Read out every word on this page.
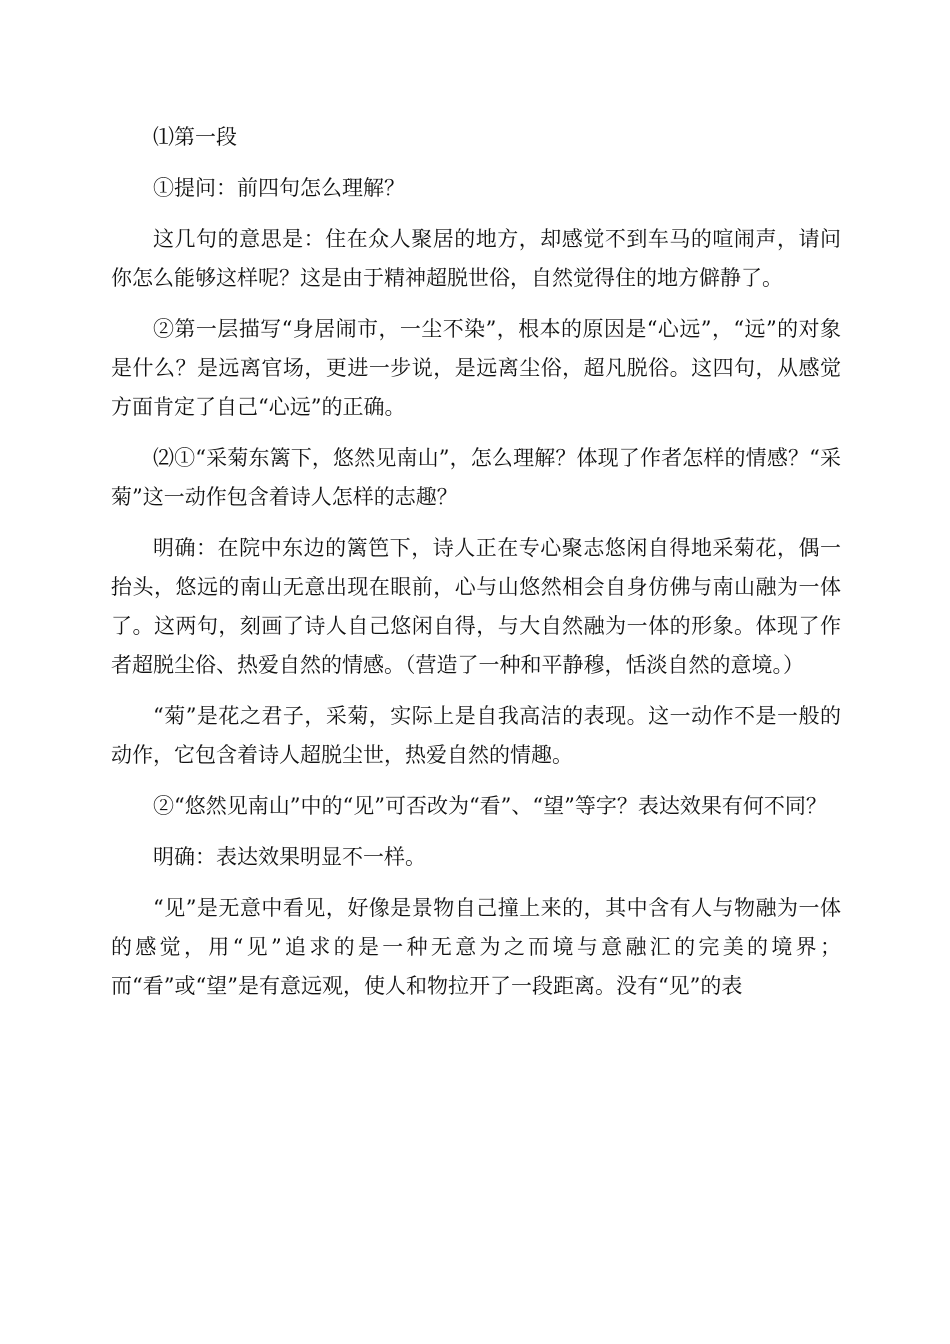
⑴第一段

①提问：前四句怎么理解？

这几句的意思是：住在众人聚居的地方，却感觉不到车马的喧闹声，请问你怎么能够这样呢？这是由于精神超脱世俗，自然觉得住的地方僻静了。

②第一层描写“身居闹市，一尘不染”，根本的原因是“心远”，“远”的对象是什么？是远离官场，更进一步说，是远离尘俗，超凡脱俗。这四句，从感觉方面肯定了自己“心远”的正确。

⑵①“采菊东篱下，悠然见南山”，怎么理解？体现了作者怎样的情感？“采菊”这一动作包含着诗人怎样的志趣？

明确：在院中东边的篱笆下，诗人正在专心聚志悠闲自得地采菊花，偶一抬头，悠远的南山无意出现在眼前，心与山悠然相会自身仿佛与南山融为一体了。这两句，刻画了诗人自己悠闲自得，与大自然融为一体的形象。体现了作者超脱尘俗、热爱自然的情感。（营造了一种和平静穆，恬淡自然的意境。）

“菊”是花之君子，采菊，实际上是自我高洁的表现。这一动作不是一般的动作，它包含着诗人超脱尘世，热爱自然的情趣。

②“悠然见南山”中的“见”可否改为“看”、“望”等字？表达效果有何不同？

明确：表达效果明显不一样。

“见”是无意中看见，好像是景物自己撞上来的，其中含有人与物融为一体的感觉，用“见”追求的是一种无意为之而境与意融汇的完美的境界；而“看”或“望”是有意远观，使人和物拉开了一段距离。没有“见”的表
